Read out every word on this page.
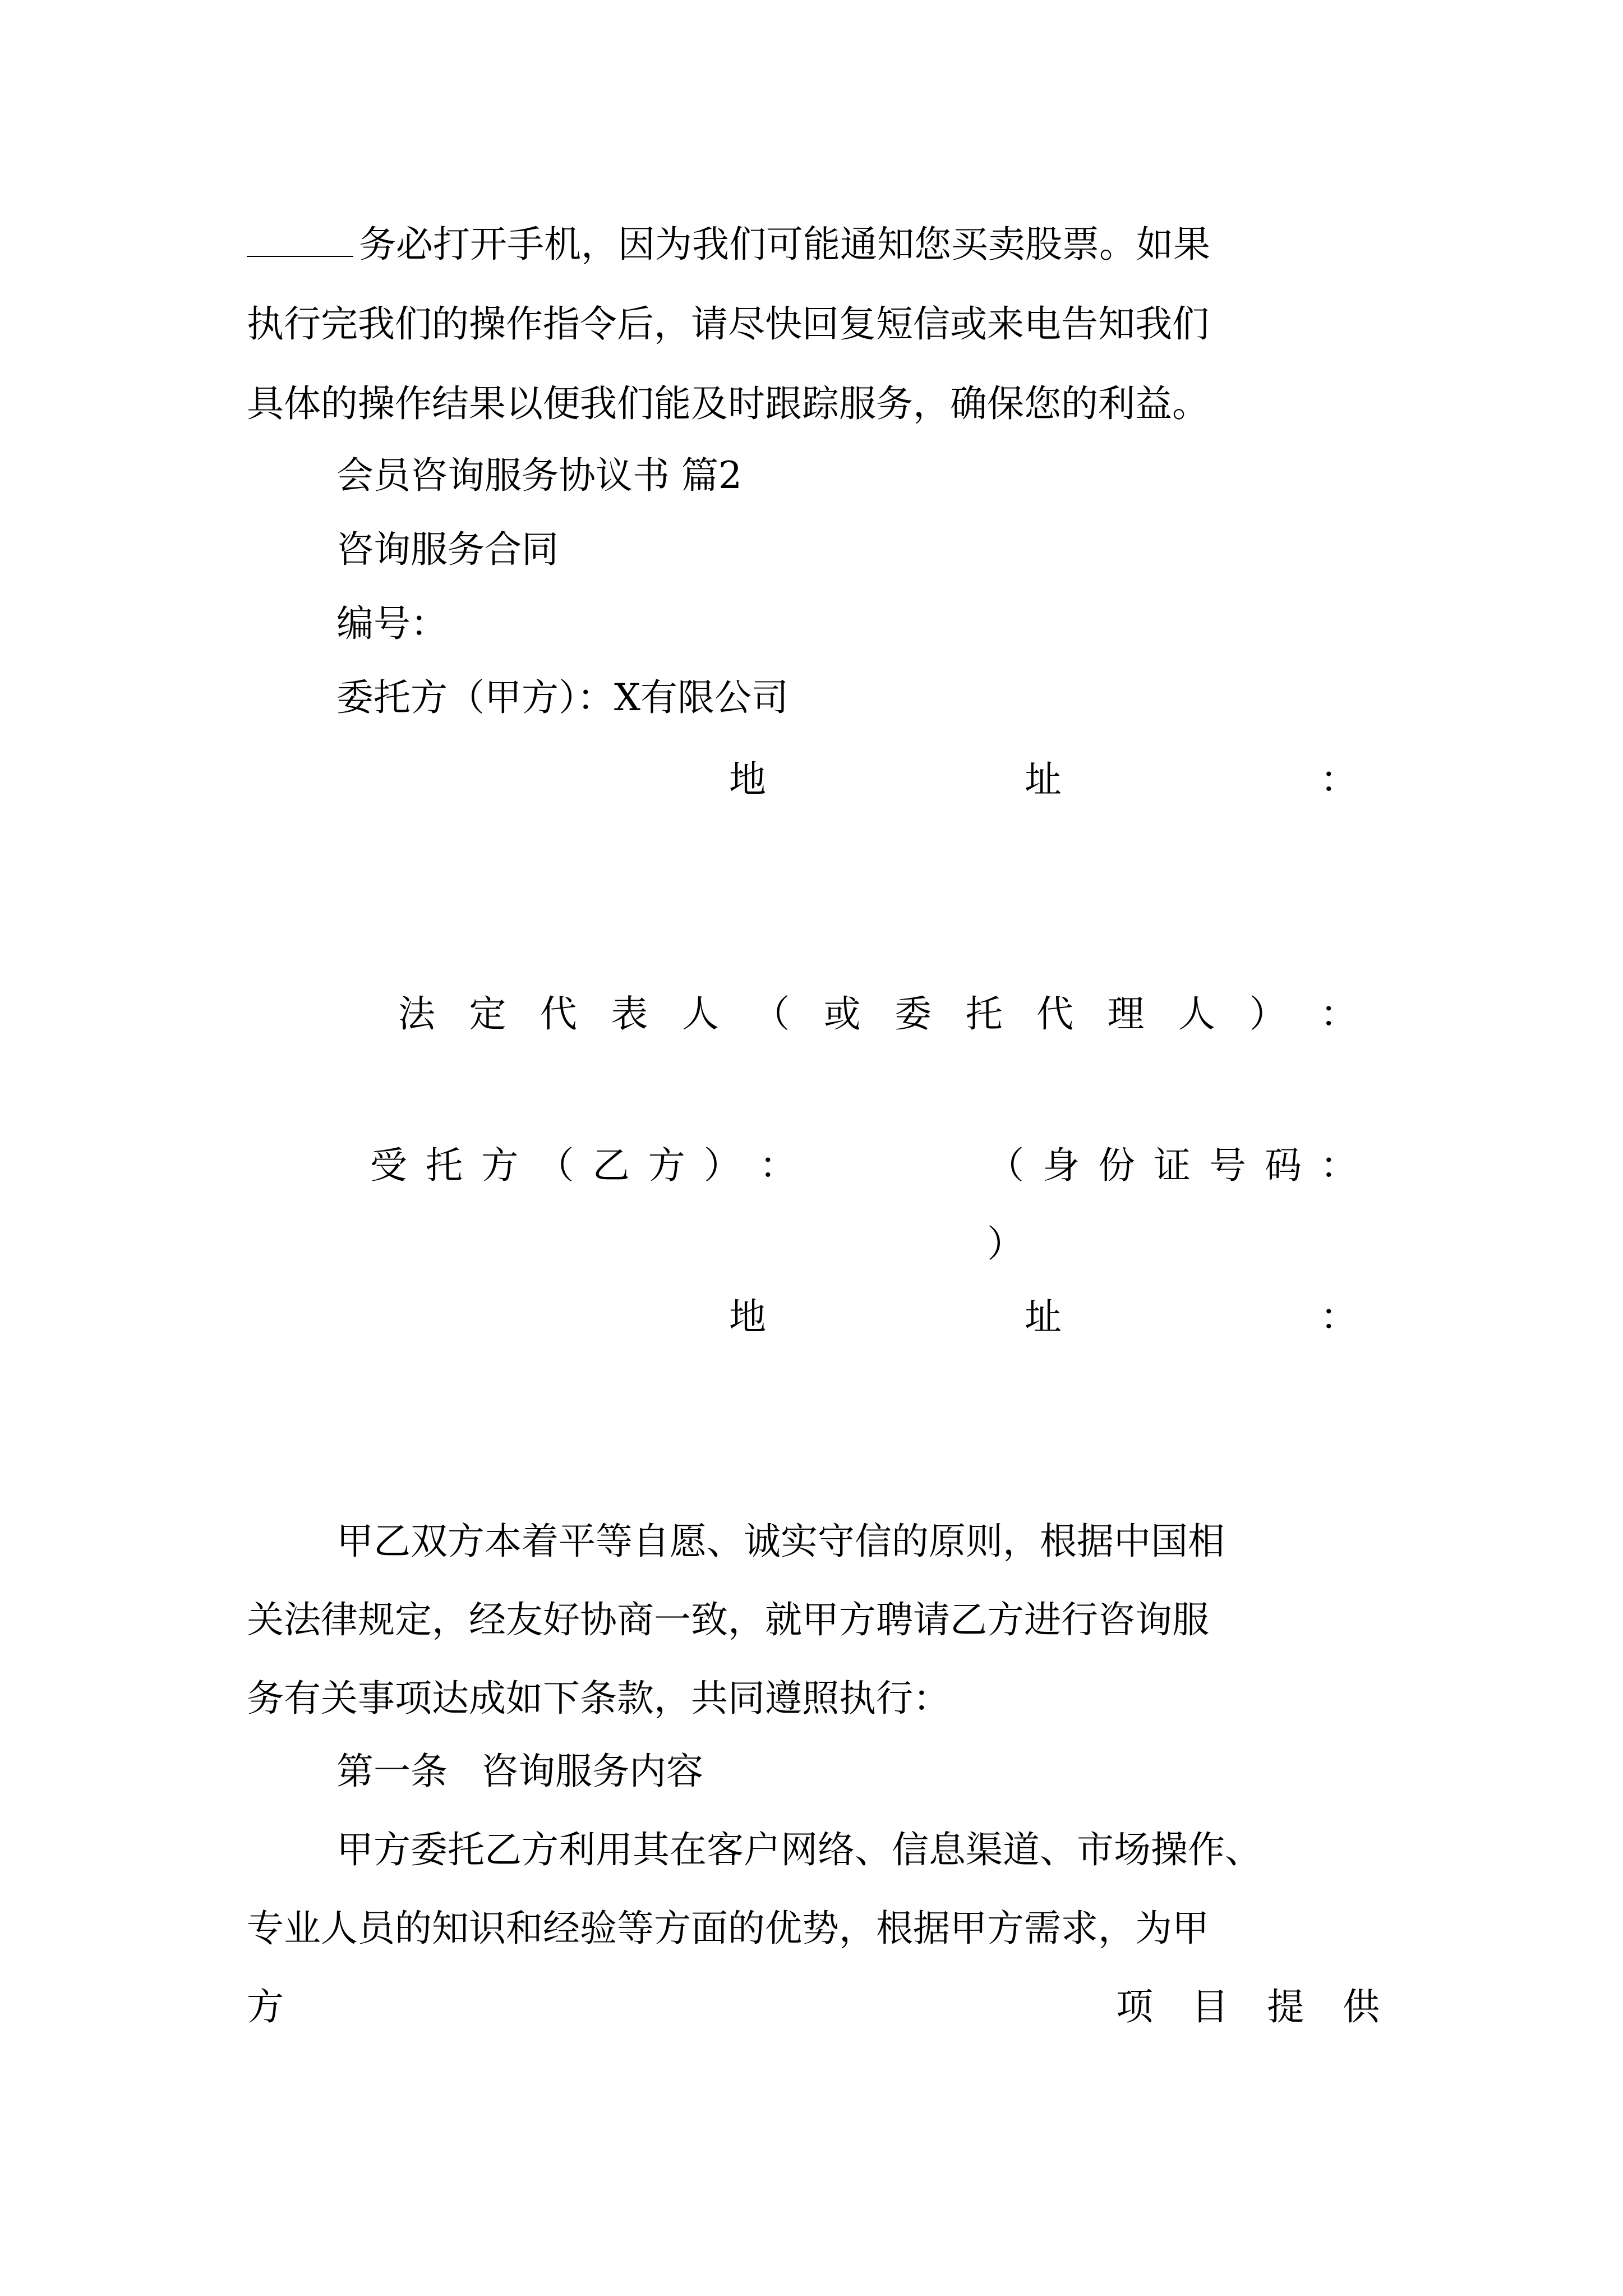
务必打开手机，因为我们可能通知您买卖股票。如果
执行完我们的操作指令后，请尽快回复短信或来电告知我们
具体的操作结果以便我们能及时跟踪服务，确保您的利益。
会员咨询服务协议书 篇2
咨询服务合同
编号：
委托方（甲方）：X有限公司
地	址	：
法 定 代 表 人 （ 或 委 托 代 理 人 ） ：
受 托 方 （ 乙 方 ） ：	（ 身 份 证 号 码 ：
）
地	址	：
甲乙双方本着平等自愿、诚实守信的原则，根据中国相
关法律规定，经友好协商一致，就甲方聘请乙方进行咨询服
务有关事项达成如下条款，共同遵照执行：
第一条 咨询服务内容
甲方委托乙方利用其在客户网络、信息渠道、市场操作、
专业人员的知识和经验等方面的优势，根据甲方需求，为甲
方	项 目 提 供
